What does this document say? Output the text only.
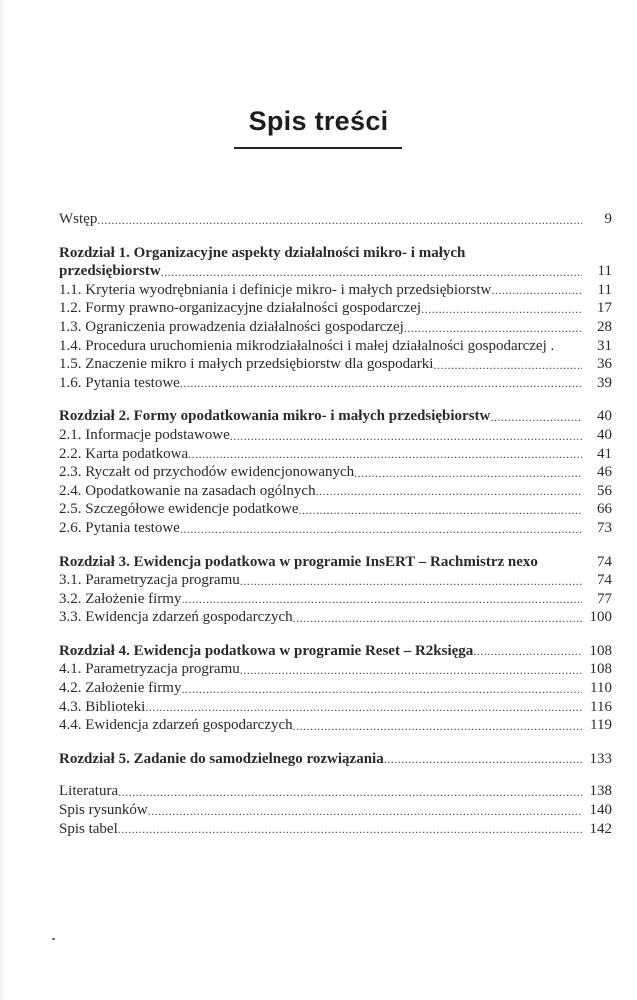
Spis treści
Wstęp .....	9
Rozdział 1. Organizacyjne aspekty działalności mikro- i małych
przedsiębiorstw .....	11
1.1. Kryteria wyodrębniania i definicje mikro- i małych przedsiębiorstw .....	11
1.2. Formy prawno-organizacyjne działalności gospodarczej .....	17
1.3. Ograniczenia prowadzenia działalności gospodarczej .....	28
1.4. Procedura uruchomienia mikrodziałalności i małej działalności gospodarczej .	31
1.5. Znaczenie mikro i małych przedsiębiorstw dla gospodarki .....	36
1.6. Pytania testowe .....	39
Rozdział 2. Formy opodatkowania mikro- i małych przedsiębiorstw .....	40
2.1. Informacje podstawowe .....	40
2.2. Karta podatkowa .....	41
2.3. Ryczałt od przychodów ewidencjonowanych .....	46
2.4. Opodatkowanie na zasadach ogólnych .....	56
2.5. Szczegółowe ewidencje podatkowe .....	66
2.6. Pytania testowe .....	73
Rozdział 3. Ewidencja podatkowa w programie InsERT – Rachmistrz nexo	74
3.1. Parametryzacja programu .....	74
3.2. Założenie firmy .....	77
3.3. Ewidencja zdarzeń gospodarczych .....	100
Rozdział 4. Ewidencja podatkowa w programie Reset – R2księga .....	108
4.1. Parametryzacja programu .....	108
4.2. Założenie firmy .....	110
4.3. Biblioteki .....	116
4.4. Ewidencja zdarzeń gospodarczych .....	119
Rozdział 5. Zadanie do samodzielnego rozwiązania .....	133
Literatura .....	138
Spis rysunków .....	140
Spis tabel .....	142
